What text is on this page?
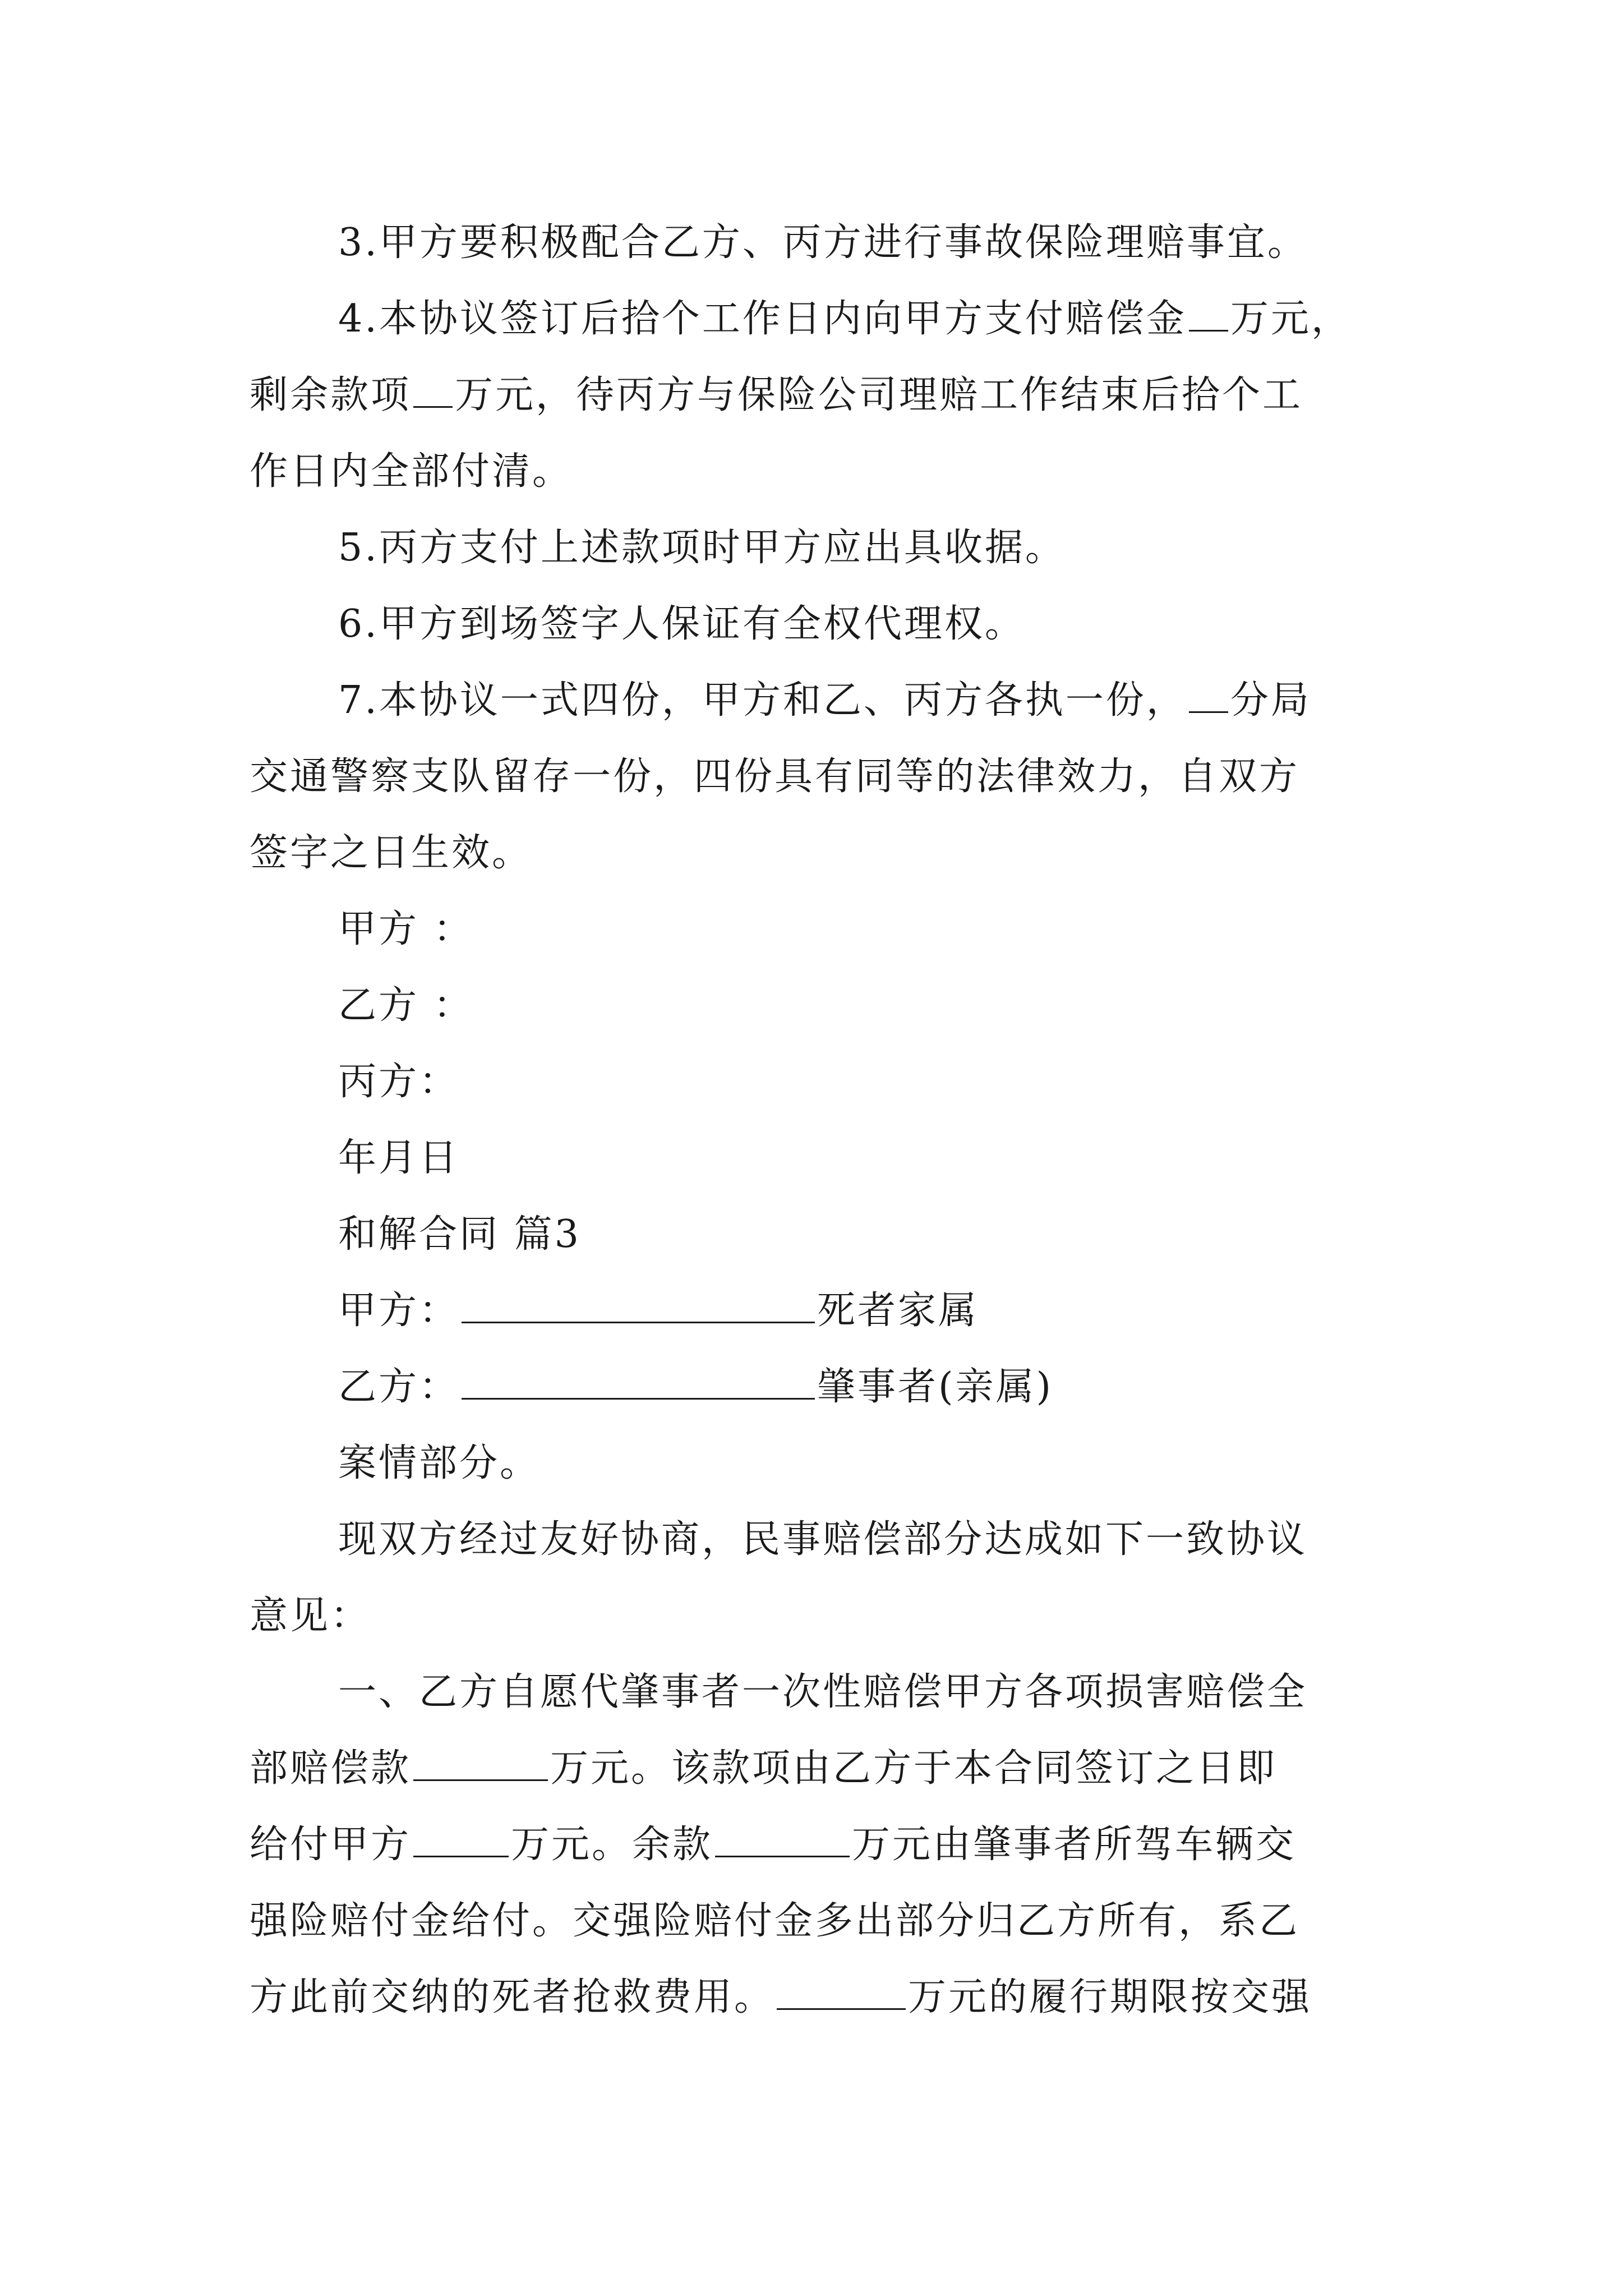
3.甲方要积极配合乙方、丙方进行事故保险理赔事宜。

4.本协议签订后拾个工作日内向甲方支付赔偿金 万元，

剩余款项 万元，待丙方与保险公司理赔工作结束后拾个工

作日内全部付清。

5.丙方支付上述款项时甲方应出具收据。

6.甲方到场签字人保证有全权代理权。

7.本协议一式四份，甲方和乙、丙方各执一份， 分局

交通警察支队留存一份，四份具有同等的法律效力，自双方

签字之日生效。

甲方 ：

乙方 ：

丙方：

年月日

和解合同 篇3

甲方：	死者家属

乙方：	肇事者(亲属)

案情部分。

现双方经过友好协商，民事赔偿部分达成如下一致协议

意见：

一、乙方自愿代肇事者一次性赔偿甲方各项损害赔偿全

部赔偿款	万元。该款项由乙方于本合同签订之日即

给付甲方	万元。余款	万元由肇事者所驾车辆交

强险赔付金给付。交强险赔付金多出部分归乙方所有，系乙

方此前交纳的死者抢救费用。	万元的履行期限按交强
